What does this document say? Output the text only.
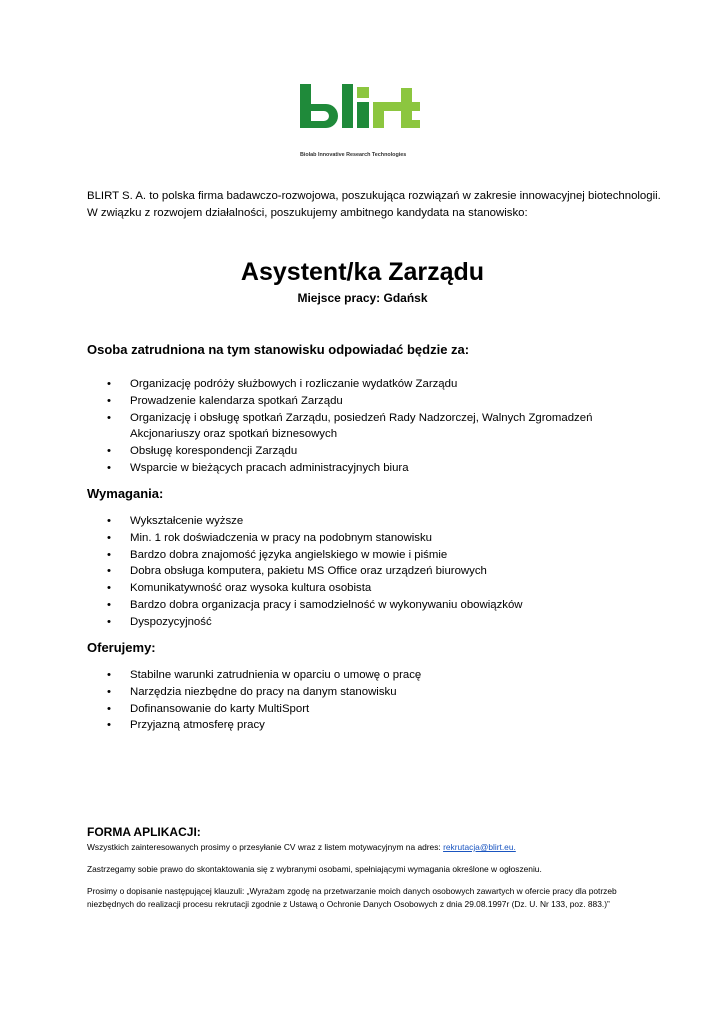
Biolab Innovative Research Technologies
BLIRT S. A. to polska firma badawczo-rozwojowa, poszukująca rozwiązań w zakresie innowacyjnej biotechnologii.
W związku z rozwojem działalności, poszukujemy ambitnego kandydata na stanowisko:
Asystent/ka Zarządu
Miejsce pracy: Gdańsk
Osoba zatrudniona na tym stanowisku odpowiadać będzie za:
• Organizację podróży służbowych i rozliczanie wydatków Zarządu
• Prowadzenie kalendarza spotkań Zarządu
• Organizację i obsługę spotkań Zarządu, posiedzeń Rady Nadzorczej, Walnych Zgromadzeń Akcjonariuszy oraz spotkań biznesowych
• Obsługę korespondencji Zarządu
• Wsparcie w bieżących pracach administracyjnych biura
Wymagania:
• Wykształcenie wyższe
• Min. 1 rok doświadczenia w pracy na podobnym stanowisku
• Bardzo dobra znajomość języka angielskiego w mowie i piśmie
• Dobra obsługa komputera, pakietu MS Office oraz urządzeń biurowych
• Komunikatywność oraz wysoka kultura osobista
• Bardzo dobra organizacja pracy i samodzielność w wykonywaniu obowiązków
• Dyspozycyjność
Oferujemy:
• Stabilne warunki zatrudnienia w oparciu o umowę o pracę
• Narzędzia niezbędne do pracy na danym stanowisku
• Dofinansowanie do karty MultiSport
• Przyjazną atmosferę pracy
FORMA APLIKACJI:
Wszystkich zainteresowanych prosimy o przesyłanie CV wraz z listem motywacyjnym na adres: rekrutacja@blirt.eu.
Zastrzegamy sobie prawo do skontaktowania się z wybranymi osobami, spełniającymi wymagania określone w ogłoszeniu.
Prosimy o dopisanie następującej klauzuli: „Wyrażam zgodę na przetwarzanie moich danych osobowych zawartych w ofercie pracy dla potrzeb niezbędnych do realizacji procesu rekrutacji zgodnie z Ustawą o Ochronie Danych Osobowych z dnia 29.08.1997r (Dz. U. Nr 133, poz. 883.)”
